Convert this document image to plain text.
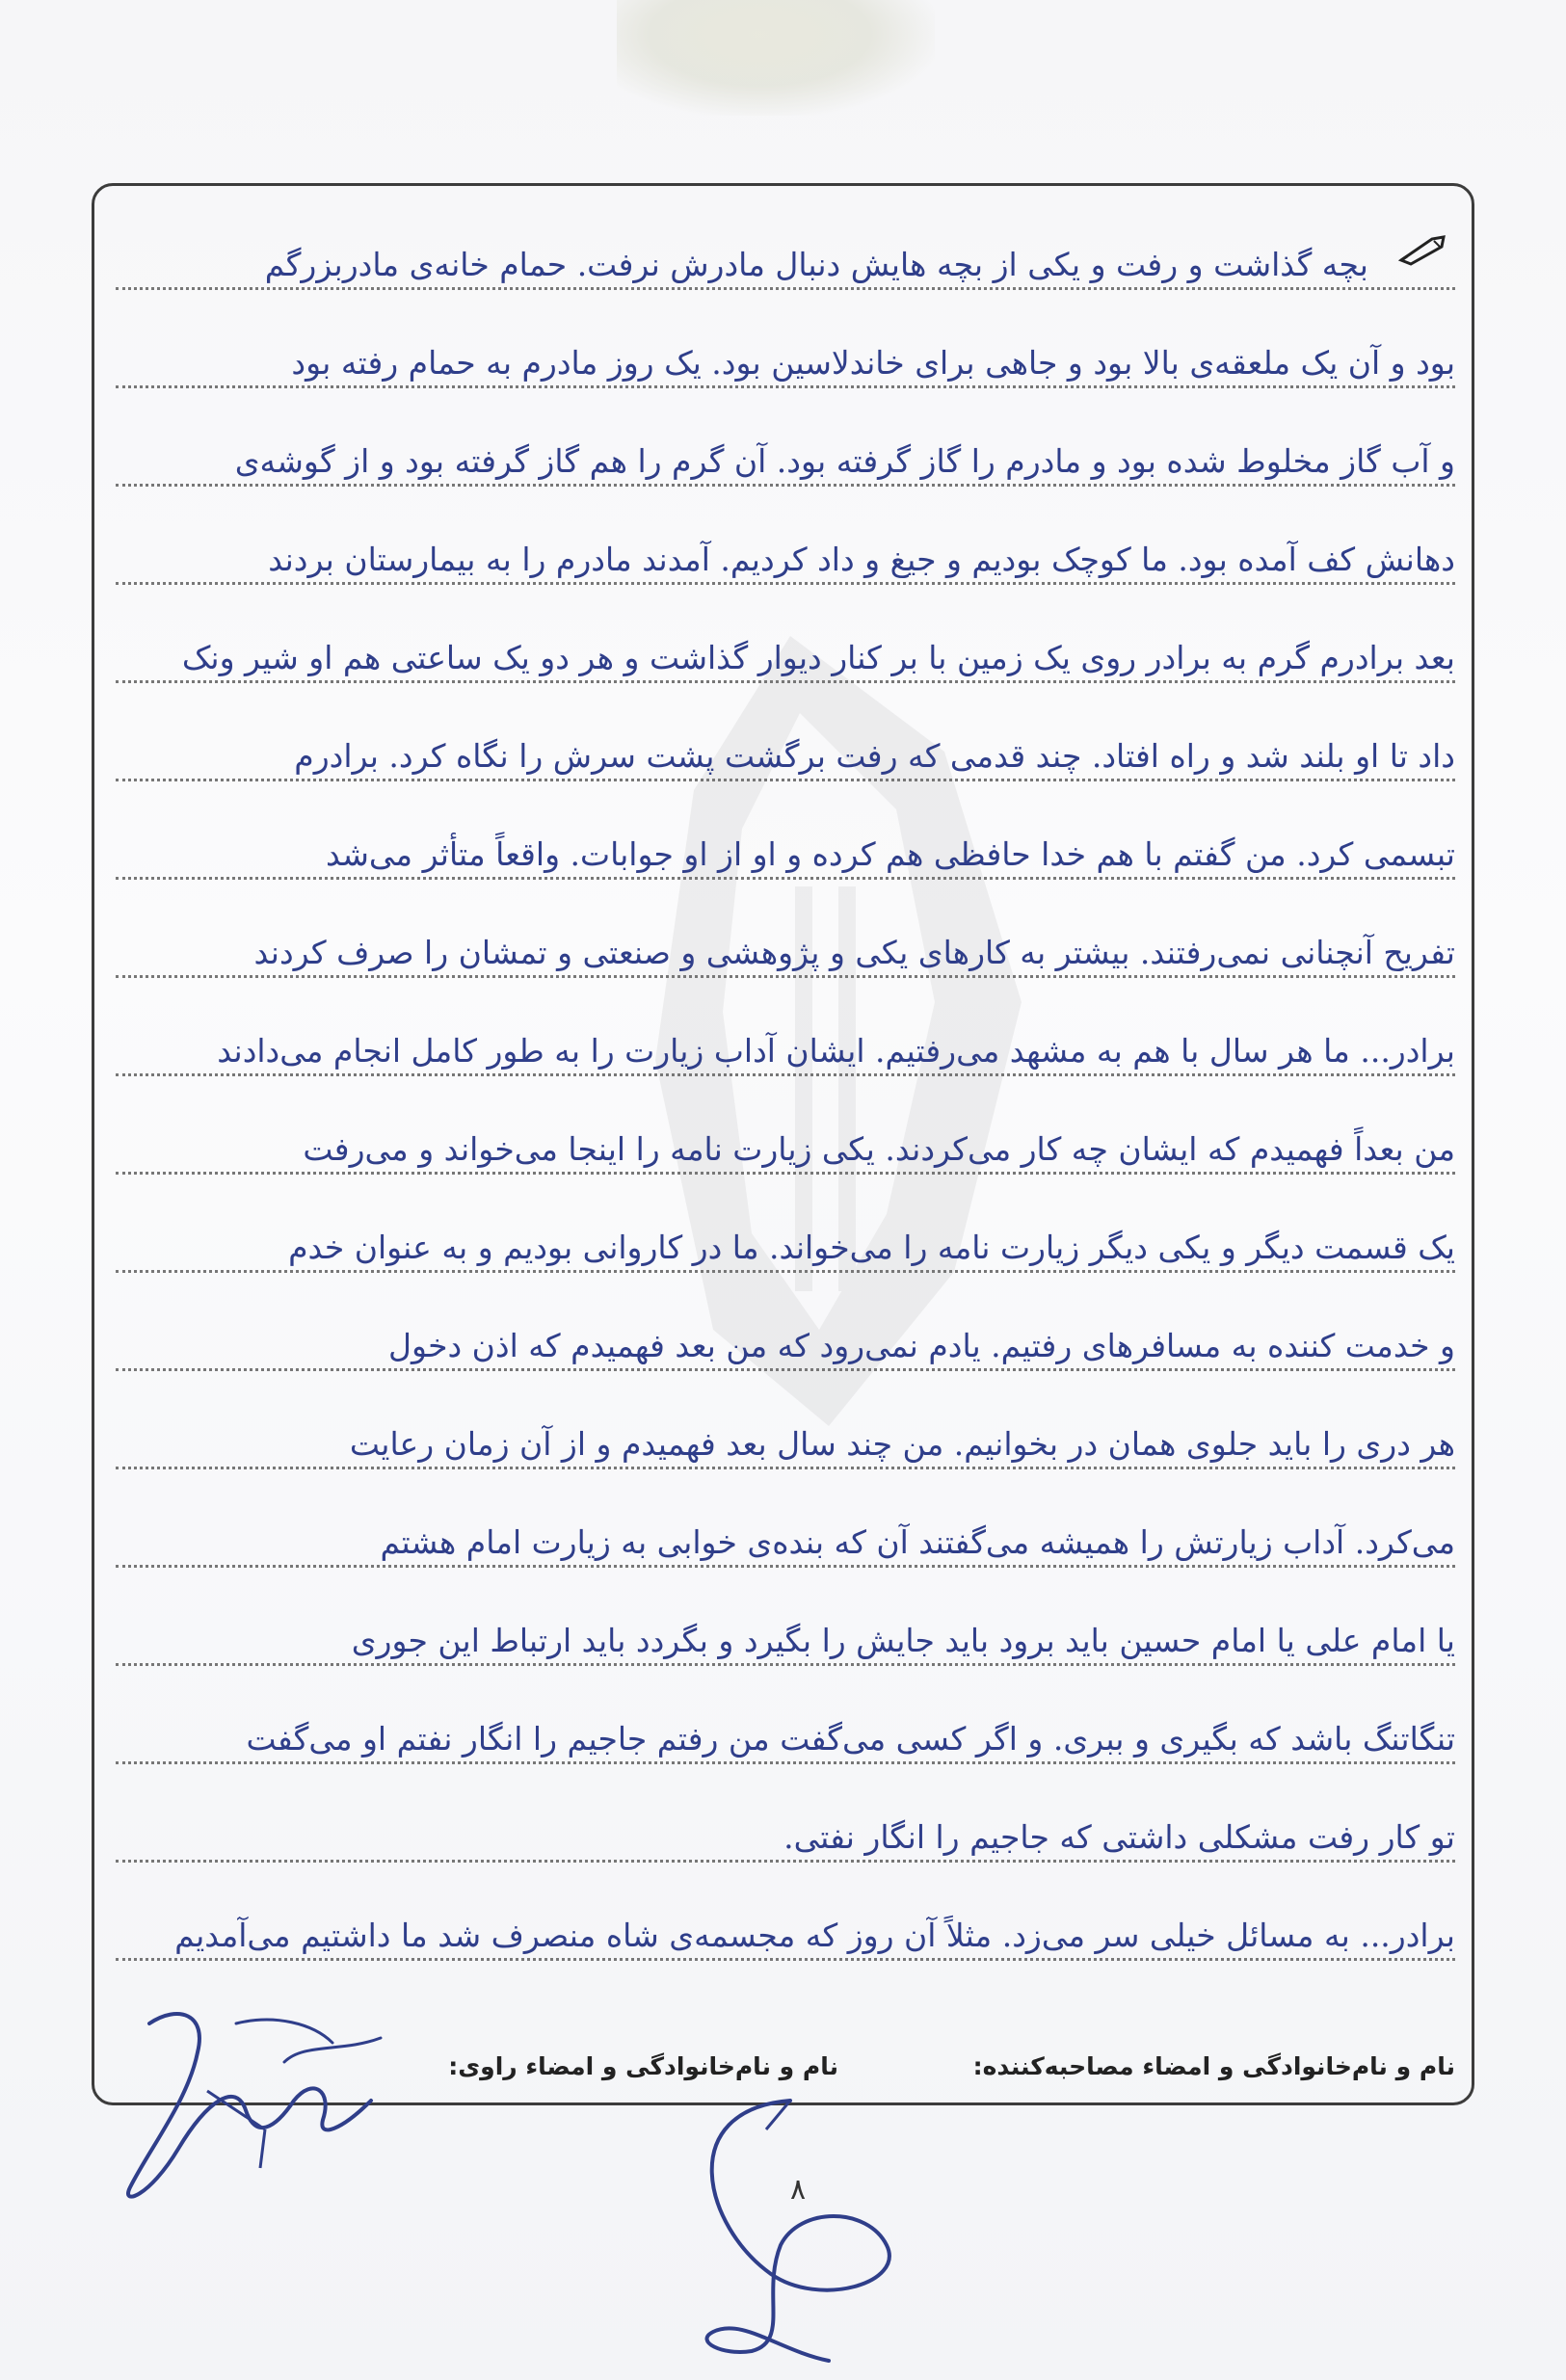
بچه گذاشت و رفت و یکی از بچه هایش دنبال مادرش نرفت. حمام خانه‌ی مادربزرگم
بود و آن یک ملعقه‌ی بالا بود و جاهی برای خاندلاسین بود. یک روز مادرم به حمام رفته بود
و آب گاز مخلوط شده بود و مادرم را گاز گرفته بود. آن گرم را هم گاز گرفته بود و از گوشه‌ی
دهانش کف آمده بود. ما کوچک بودیم و جیغ و داد کردیم. آمدند مادرم را به بیمارستان بردند
بعد برادرم گرم به برادر روی یک زمین با بر کنار دیوار گذاشت و هر دو یک ساعتی هم او شیر ونک
داد تا او بلند شد و راه افتاد. چند قدمی که رفت برگشت پشت سرش را نگاه کرد. برادرم
تبسمی کرد. من گفتم با هم خدا حافظی هم کرده و او از او جوابات. واقعاً متأثر می‌شد
تفریح آنچنانی نمی‌رفتند. بیشتر به کارهای یکی و پژوهشی و صنعتی و تمشان را صرف کردند
برادر... ما هر سال با هم به مشهد می‌رفتیم. ایشان آداب زیارت را به طور کامل انجام می‌دادند
من بعداً فهمیدم که ایشان چه کار می‌کردند. یکی زیارت نامه را اینجا می‌خواند و می‌رفت
یک قسمت دیگر و یکی دیگر زیارت نامه را می‌خواند. ما در کاروانی بودیم و به عنوان خدم
و خدمت کننده به مسافرهای رفتیم. یادم نمی‌رود که من بعد فهمیدم که اذن دخول
هر دری را باید جلوی همان در بخوانیم. من چند سال بعد فهمیدم و از آن زمان رعایت
می‌کرد. آداب زیارتش را همیشه می‌گفتند آن که بنده‌ی خوابی به زیارت امام هشتم
یا امام علی یا امام حسین باید برود باید جایش را بگیرد و بگردد باید ارتباط این جوری
تنگاتنگ باشد که بگیری و ببری. و اگر کسی می‌گفت من رفتم جاجیم را انگار نفتم او می‌گفت
تو کار رفت مشکلی داشتی که جاجیم را انگار نفتی.
برادر... به مسائل خیلی سر می‌زد. مثلاً آن روز که مجسمه‌ی شاه منصرف شد ما داشتیم می‌آمدیم
نام و نام‌خانوادگی و امضاء مصاحبه‌کننده:
نام و نام‌خانوادگی و امضاء راوی:
۸
